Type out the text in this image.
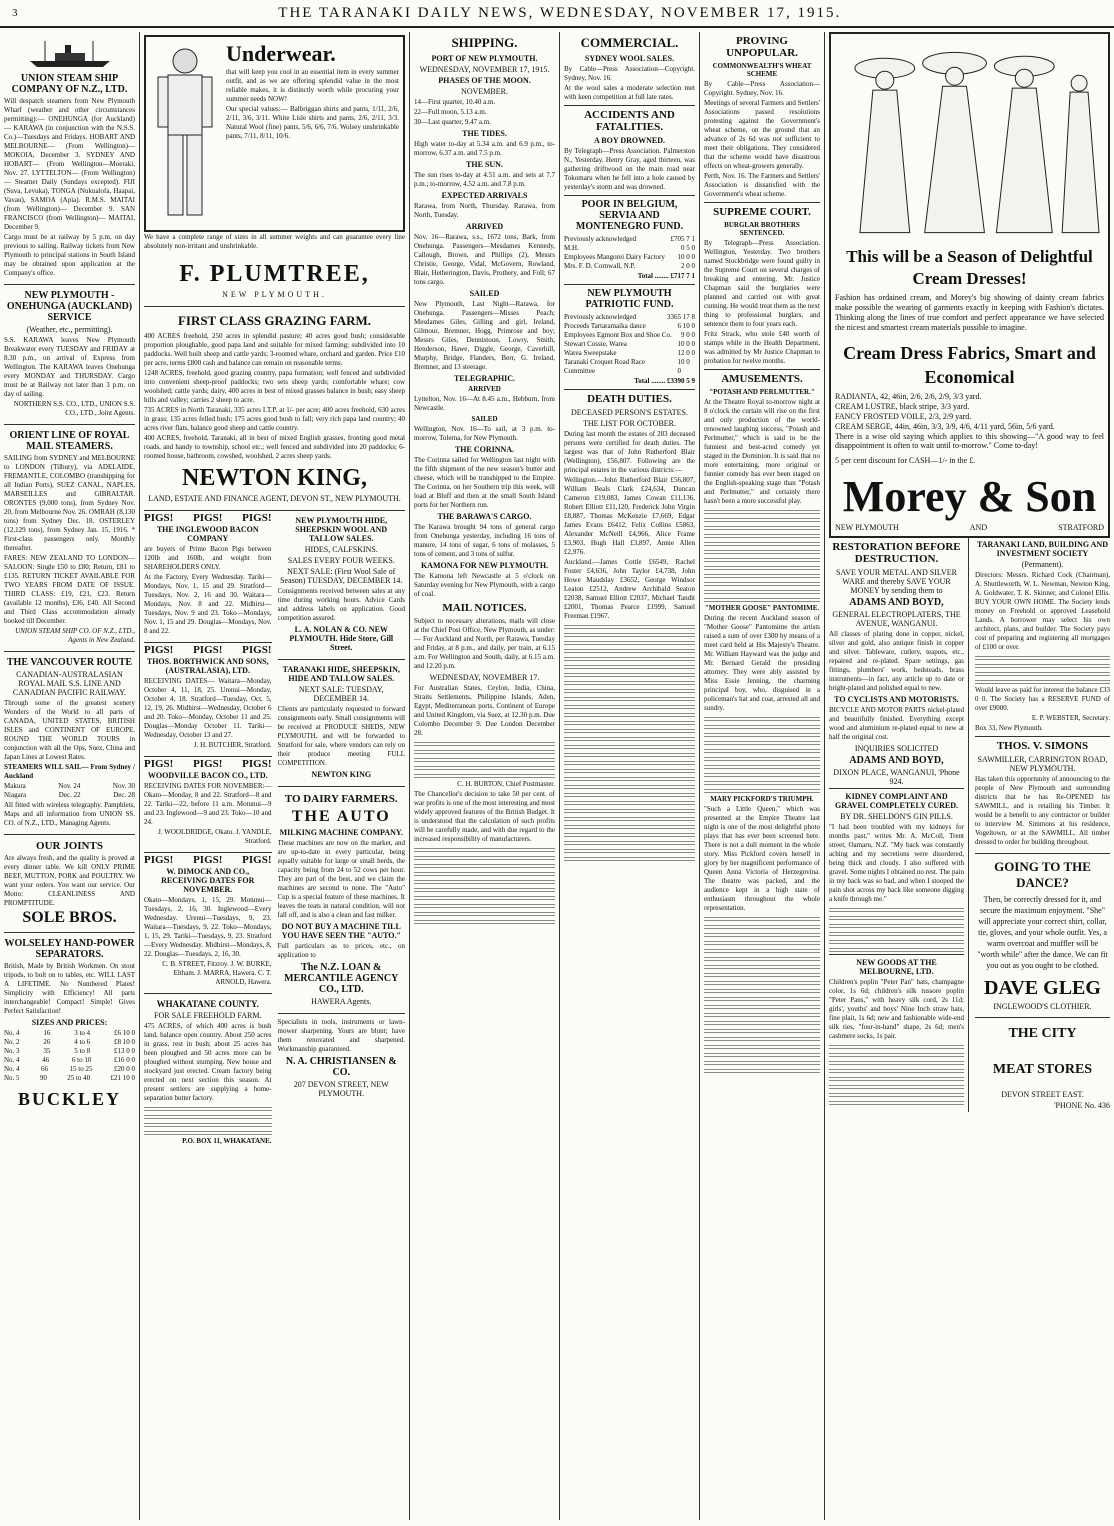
3	THE TARANAKI DAILY NEWS, WEDNESDAY, NOVEMBER 17, 1915.
UNION STEAM SHIP COMPANY OF N.Z., LTD.
Will despatch steamers from New Plymouth Wharf (weather and other circumstances permitting):— ONEHUNGA (for Auckland)— KARAWA (in conjunction with the N.S.S. Co.)—Tuesdays and Fridays. HOBART AND MELBOURNE— (From Wellington)— MOKOIA, December 3. SYDNEY AND HOBART— (From Wellington—Moeraki, Nov. 27. LYTTELTON— (From Wellington)— Steamer Daily (Sundays excepted). FIJI (Suva, Levuka), TONGA (Nukualofa, Haapai, Vavau), SAMOA (Apia). R.M.S. MAITAI (from Wellington)— December 9. SAN FRANCISCO (from Wellington)— MAITAI, December 9.
Cargo must be at railway by 5 p.m. on day previous to sailing. Railway tickets from New Plymouth to principal stations in South Island may be obtained upon application at the Company's office.
NEW PLYMOUTH - ONEHUNGA (AUCKLAND) SERVICE
(Weather, etc., permitting).
S.S. KARAWA leaves New Plymouth Breakwater every TUESDAY and FRIDAY at 8.30 p.m., on arrival of Express from Wellington. The KARAWA leaves Onehunga every MONDAY and THURSDAY. Cargo must be at Railway not later than 3 p.m. on day of sailing.
NORTHERN S.S. CO., LTD., UNION S.S. CO., LTD., Joint Agents.
ORIENT LINE OF ROYAL MAIL STEAMERS.
SAILING from SYDNEY and MELBOURNE to LONDON (Tilbury), via ADELAIDE, FREMANTLE, COLOMBO (transhipping for all Indian Ports), SUEZ CANAL, NAPLES, MARSEILLES and GIBRALTAR. ORONTES (9,000 tons), from Sydney Nov. 20, from Melbourne Nov. 26. OMRAH (8,130 tons) from Sydney Dec. 18. OSTERLEY (12,129 tons), from Sydney Jan. 15, 1916. * First-class passengers only. Monthly thereafter.
FARES: NEW ZEALAND TO LONDON—SALOON: Single £50 to £80; Return, £81 to £135. RETURN TICKET AVAILABLE FOR TWO YEARS FROM DATE OF ISSUE. THIRD CLASS: £19, £21, £23. Return (available 12 months), £36, £40. All Second and Third Class accommodation already booked till December.
UNION STEAM SHIP CO. OF N.Z., LTD., Agents in New Zealand.
THE VANCOUVER ROUTE
CANADIAN-AUSTRALASIAN ROYAL MAIL S.S. LINE AND CANADIAN PACIFIC RAILWAY.
Through some of the greatest scenery Wonders of the World to all parts of CANADA, UNITED STATES, BRITISH ISLES and CONTINENT OF EUROPE. ROUND THE WORLD TOURS in conjunction with all the Ops, Suez, China and Japan Lines at Lowest Rates.
STEAMERS WILL SAIL— From Sydney / Auckland
Makura	Nov. 24	Nov. 30
Niagara	Dec. 22	Dec. 28
All fitted with wireless telegraphy. Pamphlets, Maps and all information from UNION SS. CO. of N.Z., LTD., Managing Agents.
OUR JOINTS
Are always fresh, and the quality is proved at every dinner table. We kill ONLY PRIME BEEF, MUTTON, PORK and POULTRY. We want your orders. You want our service. Our Motto: CLEANLINESS AND PROMPTITUDE.
SOLE BROS.
WOLSELEY HAND-POWER SEPARATORS.
British, Made by British Workmen. On stout tripods, to bolt on to tables, etc. WILL LAST A LIFETIME. No Numbered Plates! Simplicity with Efficiency! All parts interchangeable! Compact! Simple! Gives Perfect Satisfaction!
SIZES AND PRICES:
No. 4	16	3 to 4	£6 10 0
No. 2	26	4 to 6	£8 10 0
No. 3	35	5 to 8	£13 0 0
No. 4	46	6 to 10	£16 0 0
No. 4	66	15 to 25	£20 0 0
No. 5	90	25 to 40	£21 10 0
BUCKLEY
Underwear.
that will keep you cool in an essential item in every summer outfit, and as we are offering splendid value in the most reliable makes, it is distinctly worth while procuring your summer needs NOW!
Our special values:— Balbriggan shirts and pants, 1/11, 2/6, 2/11, 3/6, 3/11. White Lisle shirts and pants, 2/6, 2/11, 3/3. Natural Wool (fine) pants, 5/6, 6/6, 7/6. Wolsey unshrinkable pants, 7/11, 8/11, 10/6.
We have a complete range of sizes in all summer weights and can guarantee every line absolutely non-irritant and unshrinkable.
F. PLUMTREE,
NEW PLYMOUTH.
FIRST CLASS GRAZING FARM.
400 ACRES freehold, 250 acres in splendid pasture; 40 acres good bush; considerable proportion ploughable, good papa land and suitable for mixed farming; subdivided into 10 paddocks. Well built sheep and cattle yards; 3-roomed whare, orchard and garden. Price £10 per acre, terms £800 cash and balance can remain on reasonable terms.
1248 ACRES, freehold, good grazing country, papa formation; well fenced and subdivided into convenient sheep-proof paddocks; two sets sheep yards; comfortable whare; cow woolshed; cattle yards; dairy, 400 acres in best of mixed grasses balance in bush; easy sheep hills and valley; carries 2 sheep to acre.
735 ACRES in North Taranaki, 335 acres I.T.P. at 1/- per acre; 400 acres freehold, 630 acres in grass; 135 acres felled bush; 175 acres good bush to fall; very rich papa land country; 40 acres river flats, balance good sheep and cattle country.
400 ACRES, freehold, Taranaki, all in best of mixed English grasses, fronting good metal roads, and handy to township, school etc.; well fenced and subdivided into 20 paddocks; 6-roomed house, bathroom, cowshed, woolshed, 2 acres sheep yards.
NEWTON KING,
LAND, ESTATE AND FINANCE AGENT, DEVON ST., NEW PLYMOUTH.
PIGS! PIGS! PIGS!
THE INGLEWOOD BACON COMPANY
are buyers of Prime Bacon Pigs between 120lb and 160lb, and weight from SHAREHOLDERS ONLY.
At the Factory, Every Wednesday. Tariki—Mondays, Nov. 1, 15 and 29. Stratford—Tuesdays, Nov. 2, 16 and 30. Waitara—Mondays, Nov. 8 and 22. Midhirst—Tuesdays, Nov. 9 and 23. Toko—Mondays, Nov. 1, 15 and 29. Douglas—Mondays, Nov. 8 and 22.
PIGS! PIGS! PIGS!
THOS. BORTHWICK AND SONS, (AUSTRALASIA), LTD.
RECEIVING DATES— Waitara—Monday, October 4, 11, 18, 25. Urenui—Monday, October 4, 18. Stratford—Tuesday, Oct. 5, 12, 19, 26. Midhirst—Wednesday, October 6 and 20. Toko—Monday, October 11 and 25. Douglas—Monday October 11. Tariki—Wednesday, October 13 and 27.
J. H. BUTCHER, Stratford.
PIGS! PIGS! PIGS!
WOODVILLE BACON CO., LTD.
RECEIVING DATES FOR NOVEMBER:— Okato—Monday, 8 and 22. Stratford—8 and 22. Tariki—22, before 11 a.m. Motunui—9 and 23. Inglewood—9 and 23. Toko—10 and 24.
J. WOOLDRIDGE, Okato. J. YANDLE, Stratford.
PIGS! PIGS! PIGS!
W. DIMOCK AND CO., RECEIVING DATES FOR NOVEMBER.
Okato—Mondays, 1, 15, 29. Motunui—Tuesdays, 2, 16, 30. Inglewood—Every Wednesday. Urenui—Tuesdays, 9, 23. Waitara—Tuesdays, 9, 22. Toko—Mondays, 1, 15, 29. Tariki—Tuesdays, 9, 23. Stratford—Every Wednesday. Midhirst—Mondays, 8, 22. Douglas—Tuesdays, 2, 16, 30.
C. B. STREET, Fitzroy. J. W. BURKE, Eltham. J. MARRA, Hawera. C. T. ARNOLD, Hawera.
WHAKATANE COUNTY.
FOR SALE FREEHOLD FARM.
475 ACRES, of which 400 acres is bush land, balance open country. About 250 acres in grass, rest in bush; about 25 acres has been ploughed and 50 acres more can be ploughed without stumping. New house and stockyard just erected. Cream factory being erected on next section this season. At present settlers are supplying a home-separation butter factory.
P.O. BOX 11, WHAKATANE.
NEW PLYMOUTH HIDE, SHEEPSKIN WOOL AND TALLOW SALES.
HIDES, CALFSKINS.
SALES EVERY FOUR WEEKS.
NEXT SALE: (First Wool Sale of Season) TUESDAY, DECEMBER 14.
Consignments received between sales at any time during working hours. Advice Cards and address labels on application. Good competition assured.
L. A. NOLAN & CO. NEW PLYMOUTH. Hide Store, Gill Street.
TARANAKI HIDE, SHEEPSKIN, HIDE AND TALLOW SALES.
NEXT SALE: TUESDAY, DECEMBER 14.
Clients are particularly requested to forward consignments early. Small consignments will be received at PRODUCE SHEDS, NEW PLYMOUTH, and will be forwarded to Stratford for sale, where vendors can rely on their produce meeting FULL COMPETITION.
NEWTON KING
TO DAIRY FARMERS.
THE AUTO
MILKING MACHINE COMPANY.
These machines are now on the market, and are up-to-date in every particular, being equally suitable for large or small herds, the capacity being from 24 to 52 cows per hour. They are pari of the best, and we claim the machines are second to none. The "Auto" Cup is a special feature of these machines. It leaves the teats in natural condition, will not fall off, and is also a clean and fast milker.
DO NOT BUY A MACHINE TILL YOU HAVE SEEN THE "AUTO."
Full particulars as to prices, etc., on application to
The N.Z. LOAN & MERCANTILE AGENCY CO., LTD.
HAWERA Agents.
Specialists in tools, instruments or lawn-mower sharpening. Yours are blunt; have them renovated and sharpened. Workmanship guaranteed.
N. A. CHRISTIANSEN & CO.
207 DEVON STREET, NEW PLYMOUTH.
SHIPPING.
PORT OF NEW PLYMOUTH.
WEDNESDAY, NOVEMBER 17, 1915.
PHASES OF THE MOON.
NOVEMBER.
14—First quarter, 10.40 a.m.
22—Full moon, 5.13 a.m.
30—Last quarter, 9.47 a.m.
THE TIDES.
High water to-day at 5.34 a.m. and 6.9 p.m., to-morrow, 6.37 a.m. and 7.5 p.m.
THE SUN.
The sun rises to-day at 4.51 a.m. and sets at 7.7 p.m.; to-morrow, 4.52 a.m. and 7.8 p.m.
EXPECTED ARRIVALS
Rarawa, from North, Thursday. Rarawa, from North, Tuesday.
ARRIVED
Nov. 16—Rarawa, s.s., 1672 tons, Bark, from Onehunga. Passengers—Mesdames Kennedy, Callough, Brown, and Phillips (2), Messrs Christie, George, Vidal, McGovern, Rowland, Blair, Hetherington, Davis, Prothery, and Foll; 67 tons cargo.
SAILED
New Plymouth, Last Night—Rarawa, for Onehunga. Passengers—Misses Peach; Mesdames Giles, Gilling and girl, Ireland, Gilmour, Bremner, Hogg, Primrose and boy; Messrs Giles, Dennistoun, Lowry, Smith, Henderson, Hawe, Diggle, George, Caverhill, Murphy, Bridge, Flanders, Berr, G. Ireland, Bremner, and 13 steerage.
TELEGRAPHIC.
ARRIVED
Lyttelton, Nov. 16—At 8.45 a.m., Hebburn, from Newcastle.
SAILED
Wellington, Nov. 16—To sail, at 3 p.m. to-morrow, Tolerna, for New Plymouth.
THE CORINNA.
The Corinna sailed for Wellington last night with the fifth shipment of the new season's butter and cheese, which will be transhipped to the Empire. The Corinna, on her Southern trip this week, will load at Bluff and then at the small South Island ports for her Northern run.
THE BARAWA'S CARGO.
The Karawa brought 94 tons of general cargo from Onehunga yesterday, including 16 tons of manure, 14 tons of sugar, 6 tons of molasses, 5 tons of cement, and 3 tons of sulfur.
KAMONA FOR NEW PLYMOUTH.
The Kamona left Newcastle at 5 o'clock on Saturday evening for New Plymouth, with a cargo of coal.
MAIL NOTICES.
Subject to necessary alterations, mails will close at the Chief Post Office, New Plymouth, as under:— For Auckland and North, per Rarawa, Tuesday and Friday, at 8 p.m., and daily, per train, at 6.15 a.m. For Wellington and South, daily, at 6.15 a.m. and 12.20 p.m.
WEDNESDAY, NOVEMBER 17.
For Australian States, Ceylon, India, China, Straits Settlements, Philippine Islands, Aden, Egypt, Mediterranean ports, Continent of Europe and United Kingdom, via Suez, at 12.30 p.m. Due Colombo December 9. Due London December 28.
C. H. BURTON, Chief Postmaster.
The Chancellor's decision to take 50 per cent. of war profits is one of the most interesting and most widely approved features of the British Budget. It is understood that the calculation of such profits will be carefully made, and with due regard to the increased responsibility of manufacturers.
COMMERCIAL.
SYDNEY WOOL SALES.
By Cable—Press Association—Copyright. Sydney, Nov. 16.
At the wool sales a moderate selection met with keen competition at full late rates.
ACCIDENTS AND FATALITIES.
A BOY DROWNED.
By Telegraph—Press Association. Palmerston N., Yesterday. Henry Gray, aged thirteen, was gathering driftwood on the main road near Tokomaru when he fell into a hole caused by yesterday's storm and was drowned.
POOR IN BELGIUM, SERVIA AND MONTENEGRO FUND.
Previously acknowledged	£705 7 1
M.H.	0 5 0
Employees Mangorei Dairy Factory 10 0 0
Mrs. F. D. Cornwall, N.P.	2 0 0
Total ........ £717 7 1
NEW PLYMOUTH PATRIOTIC FUND.
Previously acknowledged	3365 17 8
Proceeds Tartaramaika dance	6 10 0
Employees Egmont Box and Shoe Co. 9 0 0
Stewart Cossie, Warea	10 0 0
Warea Sweepstake	12 0 0
Taranaki Croquet Road Race Committee
10 0 0
Total ........ £3390 5 9
DEATH DUTIES.
DECEASED PERSON'S ESTATES.
THE LIST FOR OCTOBER.
During last month the estates of 283 deceased persons were certified for death duties. The largest was that of John Rutherford Blair (Wellington), £56,807. Following are the principal estates in the various districts:—
Wellington.—John Rutherford Blair £56,807, William Beals Clark £24,634, Duncan Cameron £19,083, James Cowan £11,136, Robert Elliott £11,120, Frederick John Virgin £8,887, Thomas McKenzie £7,669, Edgar James Evans £6412, Felix Collins £5863, Alexander McNeill £4,966, Alice Frame £3,903, Hugh Hall £3,897, Annie Allen £2,976.
Auckland.—James Cottle £6549, Rachel Foster £4,636, John Taylor £4,738, John Howe Maudslay £3652, George Windsor Leaton £2512, Andrew Archibald Seaton £2038, Samuel Elliott £2037, Michael Tandit £2001, Thomas Pearce £1999, Samuel Freeman £1967.
PROVING UNPOPULAR.
COMMONWEALTH'S WHEAT SCHEME
By Cable—Press Association—Copyright. Sydney, Nov. 16.
Meetings of several Farmers and Settlers' Associations passed resolutions protesting against the Government's wheat scheme, on the ground that an advance of 2s 6d was not sufficient to meet their obligations. They considered that the scheme would have disastrous effects on wheat-growers generally.
Perth, Nov. 16. The Farmers and Settlers' Association is dissatisfied with the Government's wheat scheme.
SUPREME COURT.
BURGLAR BROTHERS SENTENCED.
By Telegraph—Press Association. Wellington, Yesterday. Two brothers named Stockbridge were found guilty in the Supreme Court on several charges of breaking and entering. Mr. Justice Chapman said the burglaries were planned and carried out with great cunning. He would treat them as the next thing to professional burglars, and sentence them to four years each.
Fritz Strack, who stole £40 worth of stamps while in the Health Department, was admitted by Mr Justice Chapman to probation for twelve months.
AMUSEMENTS.
"POTASH AND PERLMUTTER."
At the Theatre Royal to-morrow night at 8 o'clock the curtain will rise on the first and only production of the world-renowned laughing success, "Potash and Perlmutter," which is said to be the funniest and best-acted comedy yet staged in the Dominion. It is said that no more entertaining, more original or funnier comedy has ever been staged on the English-speaking stage than "Potash and Perlmutter," and certainly there hasn't been a more successful play.
"MOTHER GOOSE" PANTOMIME.
During the recent Auckland season of "Mother Goose" Pantomime the artists raised a sum of over £300 by means of a meet card held at His Majesty's Theatre. Mr. William Hayward was the judge and Mr. Bernard Gerald the presiding attorney. They were ably assisted by Miss Essie Jenning, the charming principal boy, who, disguised in a policeman's hat and coat, arrested all and sundry.
MARY PICKFORD'S TRIUMPH.
"Such a Little Queen," which was presented at the Empire Theatre last night is one of the most delightful photo plays that has ever been screened here. There is not a dull moment in the whole story. Miss Pickford covers herself in glory by her magnificent performance of Queen Anna Victoria of Herzegovina. The theatre was packed, and the audience kept in a high state of enthusiasm throughout the whole representation.
This will be a Season of Delightful Cream Dresses!
Fashion has ordained cream, and Morey's big showing of dainty cream fabrics make possible the wearing of garments exactly in keeping with Fashion's dictates. Thinking along the lines of true comfort and perfect appearance we have selected the nicest and smartest cream materials possible to imagine.
Cream Dress Fabrics, Smart and Economical
RADIANTA, 42, 46in, 2/6, 2/6, 2/9, 3/3 yard.
CREAM LUSTRE, black stripe, 3/3 yard.
FANCY FROSTED VOILE, 2/3, 2/9 yard.
CREAM SERGE, 44in, 46in, 3/3, 3/9, 4/6, 4/11 yard, 56in, 5/6 yard.
There is a wise old saying which applies to this showing—"A good way to feel disappointment is often to wait until to-morrow." Come to-day!
5 per cent discount for CASH—1/- in the £.
Morey & Son
NEW PLYMOUTH	AND	STRATFORD
RESTORATION BEFORE DESTRUCTION.
SAVE YOUR METAL AND SILVER WARE and thereby SAVE YOUR MONEY by sending them to
ADAMS AND BOYD,
GENERAL ELECTROPLATERS, THE AVENUE, WANGANUI.
All classes of plating done in copper, nickel, silver and gold, also antique finish in copper and silver. Tableware, cutlery, teapots, etc., repaired and re-plated. Spare settings, gas fittings, plumbers' work, bedsteads, brass instruments—in fact, any article up to date or bright-plated and polished equal to new.
TO CYCLISTS AND MOTORISTS.
BICYCLE AND MOTOR PARTS nickel-plated and beautifully finished. Everything except wood and aluminium re-plated equal to new at half the original cost.
INQUIRIES SOLICITED
ADAMS AND BOYD,
DIXON PLACE, WANGANUI, 'Phone 924.
KIDNEY COMPLAINT AND GRAVEL COMPLETELY CURED.
BY DR. SHELDON'S GIN PILLS.
"I had been troubled with my kidneys for months past," writes Mr. A. McColl, Trent street, Oamaru, N.Z. "My back was constantly aching and my secretions were disordered, being thick and cloudy. I also suffered with gravel. Some nights I obtained no rest. The pain in my back was so bad, and when I stooped the pain shot across my back like someone digging a knife through me."
NEW GOODS AT THE MELBOURNE, LTD.
Children's poplin "Peter Pan" hats, champagne color, 1s 6d; children's silk tussore poplin "Peter Pans," with heavy silk cord, 2s 11d; girls', youths' and boys' Nine Inch straw hats, fine plait, 1s 6d; new and fashionable wide-end silk ties, "four-in-hand" shape, 2s 6d; men's cashmere socks, 1s pair.
TARANAKI LAND, BUILDING AND INVESTMENT SOCIETY
(Permanent).
Directors: Messrs. Richard Cock (Chairman), A. Shuttleworth, W. L. Newman, Newton King, A. Goldwater, T. K. Skinner, and Colonel Ellis. BUY YOUR OWN HOME. The Society lends money on Freehold or approved Leasehold Lands. A borrower may select his own architect, plans, and builder. The Society pays cost of preparing and registering all mortgages of £100 or over.
Would leave as paid for interest the balance £33 0 0. The Society has a RESERVE FUND of over £9000.
E. P. WEBSTER, Secretary.
Box 33, New Plymouth.
THOS. V. SIMONS
SAWMILLER, CARRINGTON ROAD, NEW PLYMOUTH.
Has taken this opportunity of announcing to the people of New Plymouth and surrounding districts that he has Re-OPENED his SAWMILL, and is retailing his Timber. It would be a benefit to any contractor or builder to interview M. Simmons at his residence, Vogeltown, or at the SAWMILL. All timber dressed to order for building throughout.
GOING TO THE DANCE?
Then, be correctly dressed for it, and secure the maximum enjoyment. "She" will appreciate your correct shirt, collar, tie, gloves, and your whole outfit. Yes, a warm overcoat and muffler will be "worth while" after the dance. We can fit you out as you ought to be clothed.
DAVE GLEG
INGLEWOOD'S CLOTHIER.
THE CITY
MEAT STORES
DEVON STREET EAST.
'PHONE No. 436
